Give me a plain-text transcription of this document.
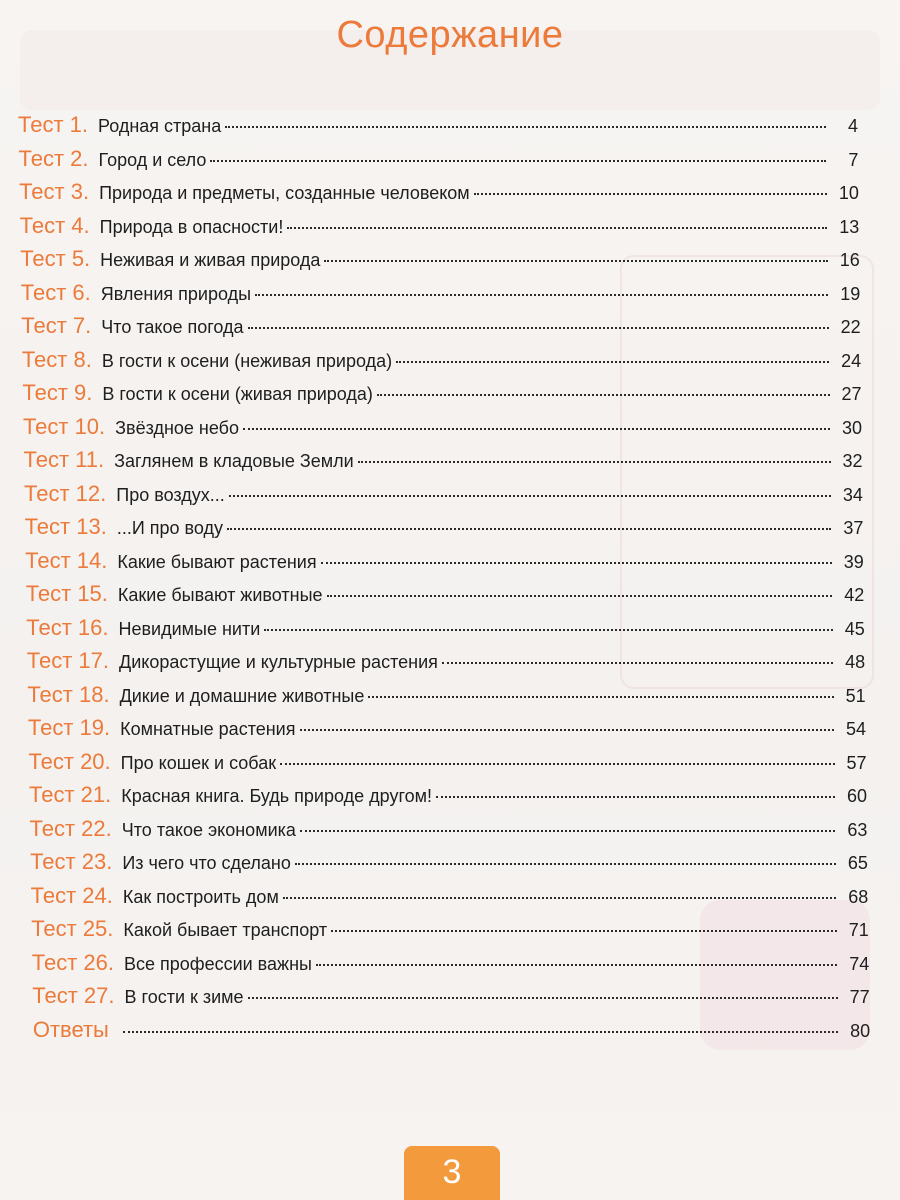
Содержание
Тест 1. Родная страна	4
Тест 2. Город и село	7
Тест 3. Природа и предметы, созданные человеком	10
Тест 4. Природа в опасности!	13
Тест 5. Неживая и живая природа	16
Тест 6. Явления природы	19
Тест 7. Что такое погода	22
Тест 8. В гости к осени (неживая природа)	24
Тест 9. В гости к осени (живая природа)	27
Тест 10. Звёздное небо	30
Тест 11. Заглянем в кладовые Земли	32
Тест 12. Про воздух...	34
Тест 13. ...И про воду	37
Тест 14. Какие бывают растения	39
Тест 15. Какие бывают животные	42
Тест 16. Невидимые нити	45
Тест 17. Дикорастущие и культурные растения	48
Тест 18. Дикие и домашние животные	51
Тест 19. Комнатные растения	54
Тест 20. Про кошек и собак	57
Тест 21. Красная книга. Будь природе другом!	60
Тест 22. Что такое экономика	63
Тест 23. Из чего что сделано	65
Тест 24. Как построить дом	68
Тест 25. Какой бывает транспорт	71
Тест 26. Все профессии важны	74
Тест 27. В гости к зиме	77
Ответы	80
3
